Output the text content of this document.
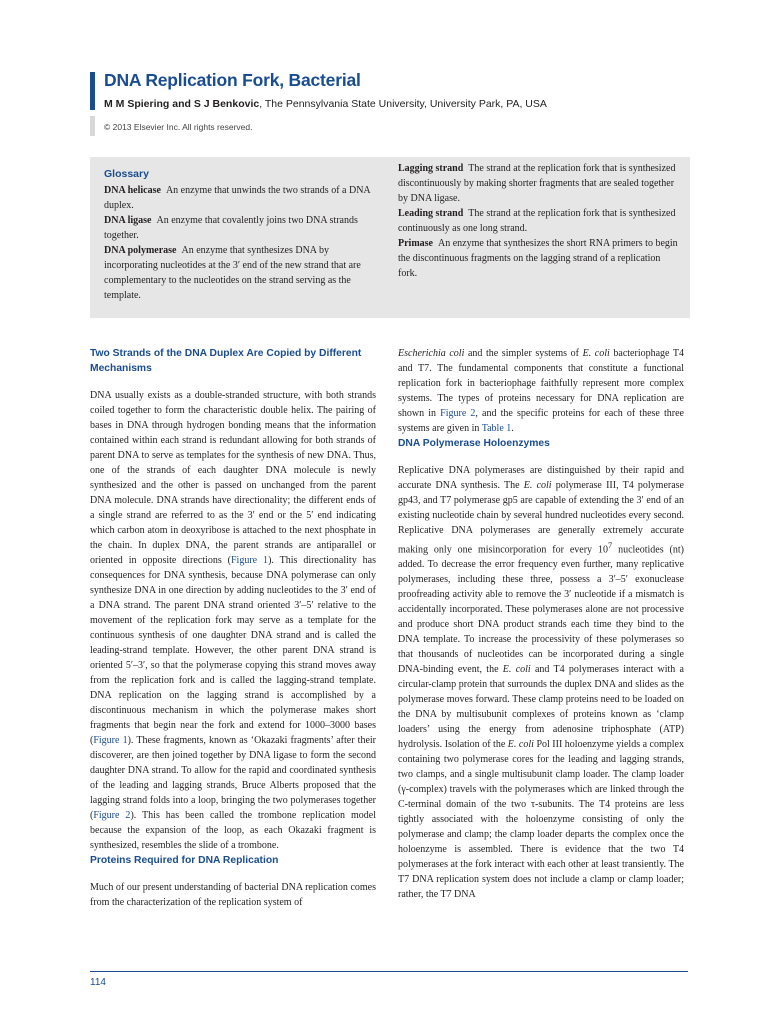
DNA Replication Fork, Bacterial
M M Spiering and S J Benkovic, The Pennsylvania State University, University Park, PA, USA
© 2013 Elsevier Inc. All rights reserved.
Glossary

DNA helicase An enzyme that unwinds the two strands of a DNA duplex.

DNA ligase An enzyme that covalently joins two DNA strands together.

DNA polymerase An enzyme that synthesizes DNA by incorporating nucleotides at the 3′ end of the new strand that are complementary to the nucleotides on the strand serving as the template.

Lagging strand The strand at the replication fork that is synthesized discontinuously by making shorter fragments that are sealed together by DNA ligase.

Leading strand The strand at the replication fork that is synthesized continuously as one long strand.

Primase An enzyme that synthesizes the short RNA primers to begin the discontinuous fragments on the lagging strand of a replication fork.

Two Strands of the DNA Duplex Are Copied by Different Mechanisms

DNA usually exists as a double-stranded structure, with both strands coiled together to form the characteristic double helix. The pairing of bases in DNA through hydrogen bonding means that the information contained within each strand is redundant allowing for both strands of parent DNA to serve as templates for the synthesis of new DNA. Thus, one of the strands of each daughter DNA molecule is newly synthesized and the other is passed on unchanged from the parent DNA molecule. DNA strands have directionality; the different ends of a single strand are referred to as the 3′ end or the 5′ end indicating which carbon atom in deoxyribose is attached to the next phosphate in the chain. In duplex DNA, the parent strands are antiparallel or oriented in opposite directions (Figure 1). This directionality has consequences for DNA synthesis, because DNA polymerase can only synthesize DNA in one direction by adding nucleotides to the 3′ end of a DNA strand. The parent DNA strand oriented 3′–5′ relative to the movement of the replication fork may serve as a template for the continuous synthesis of one daughter DNA strand and is called the leading-strand template. However, the other parent DNA strand is oriented 5′–3′, so that the polymerase copying this strand moves away from the replication fork and is called the lagging-strand template. DNA replication on the lagging strand is accomplished by a discontinuous mechanism in which the polymerase makes short fragments that begin near the fork and extend for 1000–3000 bases (Figure 1). These fragments, known as ‘Okazaki fragments’ after their discoverer, are then joined together by DNA ligase to form the second daughter DNA strand. To allow for the rapid and coordinated synthesis of the leading and lagging strands, Bruce Alberts proposed that the lagging strand folds into a loop, bringing the two polymerases together (Figure 2). This has been called the trombone replication model because the expansion of the loop, as each Okazaki fragment is synthesized, resembles the slide of a trombone.

Proteins Required for DNA Replication

Much of our present understanding of bacterial DNA replication comes from the characterization of the replication system of

Escherichia coli and the simpler systems of E. coli bacteriophage T4 and T7. The fundamental components that constitute a functional replication fork in bacteriophage faithfully represent more complex systems. The types of proteins necessary for DNA replication are shown in Figure 2, and the specific proteins for each of these three systems are given in Table 1.

DNA Polymerase Holoenzymes

Replicative DNA polymerases are distinguished by their rapid and accurate DNA synthesis. The E. coli polymerase III, T4 polymerase gp43, and T7 polymerase gp5 are capable of extending the 3′ end of an existing nucleotide chain by several hundred nucleotides every second. Replicative DNA polymerases are generally extremely accurate making only one misincorporation for every $10^7$ nucleotides (nt) added. To decrease the error frequency even further, many replicative polymerases, including these three, possess a 3′–5′ exonuclease proofreading activity able to remove the 3′ nucleotide if a mismatch is accidentally incorporated. These polymerases alone are not processive and produce short DNA product strands each time they bind to the DNA template. To increase the processivity of these polymerases so that thousands of nucleotides can be incorporated during a single DNA-binding event, the E. coli and T4 polymerases interact with a circular-clamp protein that surrounds the duplex DNA and slides as the polymerase moves forward. These clamp proteins need to be loaded on the DNA by multisubunit complexes of proteins known as ‘clamp loaders’ using the energy from adenosine triphosphate (ATP) hydrolysis. Isolation of the E. coli Pol III holoenzyme yields a complex containing two polymerase cores for the leading and lagging strands, two clamps, and a single multisubunit clamp loader. The clamp loader (γ-complex) travels with the polymerases which are linked through the C-terminal domain of the two τ-subunits. The T4 proteins are less tightly associated with the holoenzyme consisting of only the polymerase and clamp; the clamp loader departs the complex once the holoenzyme is assembled. There is evidence that the two T4 polymerases at the fork interact with each other at least transiently. The T7 DNA replication system does not include a clamp or clamp loader; rather, the T7 DNA

114
